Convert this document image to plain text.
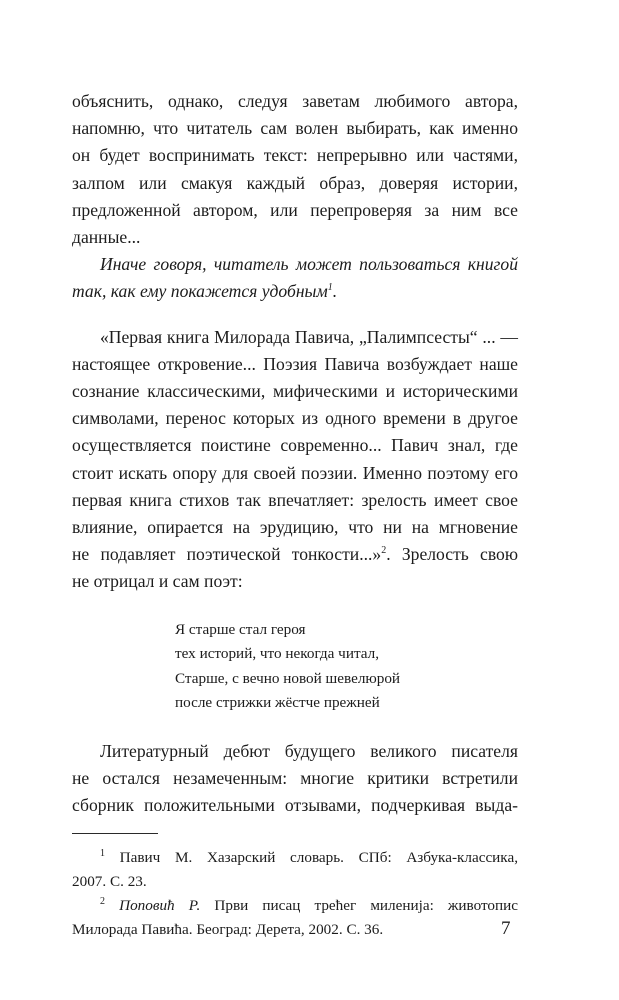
объяснить, однако, следуя заветам любимого автора,
напомню, что читатель сам волен выбирать, как именно
он будет воспринимать текст: непрерывно или частями,
залпом или смакуя каждый образ, доверяя истории,
предложенной автором, или перепроверяя за ним все
данные...

Иначе говоря, читатель может пользоваться книгой
так, как ему покажется удобным$^1$.

«Первая книга Милорада Павича, „Палимпсесты“ ... —
настоящее откровение... Поэзия Павича возбуждает наше
сознание классическими, мифическими и историческими
символами, перенос которых из одного времени в другое
осуществляется поистине современно... Павич знал, где
стоит искать опору для своей поэзии. Именно поэтому его
первая книга стихов так впечатляет: зрелость имеет свое
влияние, опирается на эрудицию, что ни на мгновение
не подавляет поэтической тонкости...»$^2$. Зрелость свою
не отрицал и сам поэт:

Я старше стал героя
тех историй, что некогда читал,
Старше, с вечно новой шевелюрой
после стрижки жёстче прежней

Литературный дебют будущего великого писателя
не остался незамеченным: многие критики встретили
сборник положительными отзывами, подчеркивая выда-

$^1$ Павич М. Хазарский словарь. СПб: Азбука-классика,
2007. С. 23.
$^2$ Поповић Р. Први писац трећег миленија: животопис
Милорада Павића. Београд: Дерета, 2002. С. 36.	7
